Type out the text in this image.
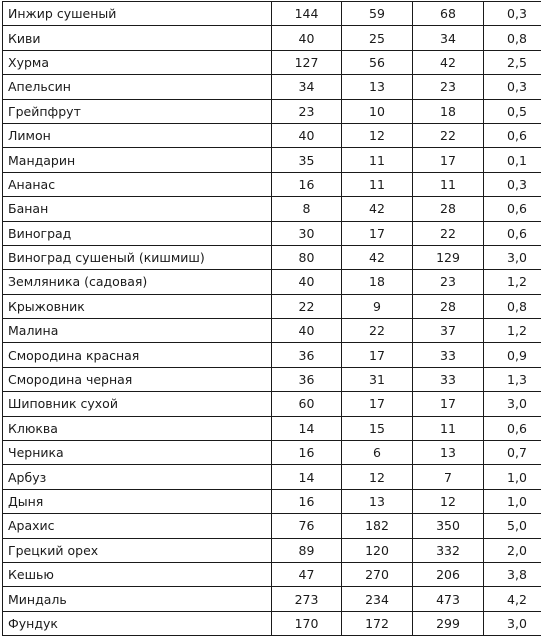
Инжир сушеный	144	59	68	0,3
Киви	40	25	34	0,8
Хурма	127	56	42	2,5
Апельсин	34	13	23	0,3
Грейпфрут	23	10	18	0,5
Лимон	40	12	22	0,6
Мандарин	35	11	17	0,1
Ананас	16	11	11	0,3
Банан	8	42	28	0,6
Виноград	30	17	22	0,6
Виноград сушеный (кишмиш)	80	42	129	3,0
Земляника (садовая)	40	18	23	1,2
Крыжовник	22	9	28	0,8
Малина	40	22	37	1,2
Смородина красная	36	17	33	0,9
Смородина черная	36	31	33	1,3
Шиповник сухой	60	17	17	3,0
Клюква	14	15	11	0,6
Черника	16	6	13	0,7
Арбуз	14	12	7	1,0
Дыня	16	13	12	1,0
Арахис	76	182	350	5,0
Грецкий орех	89	120	332	2,0
Кешью	47	270	206	3,8
Миндаль	273	234	473	4,2
Фундук	170	172	299	3,0
